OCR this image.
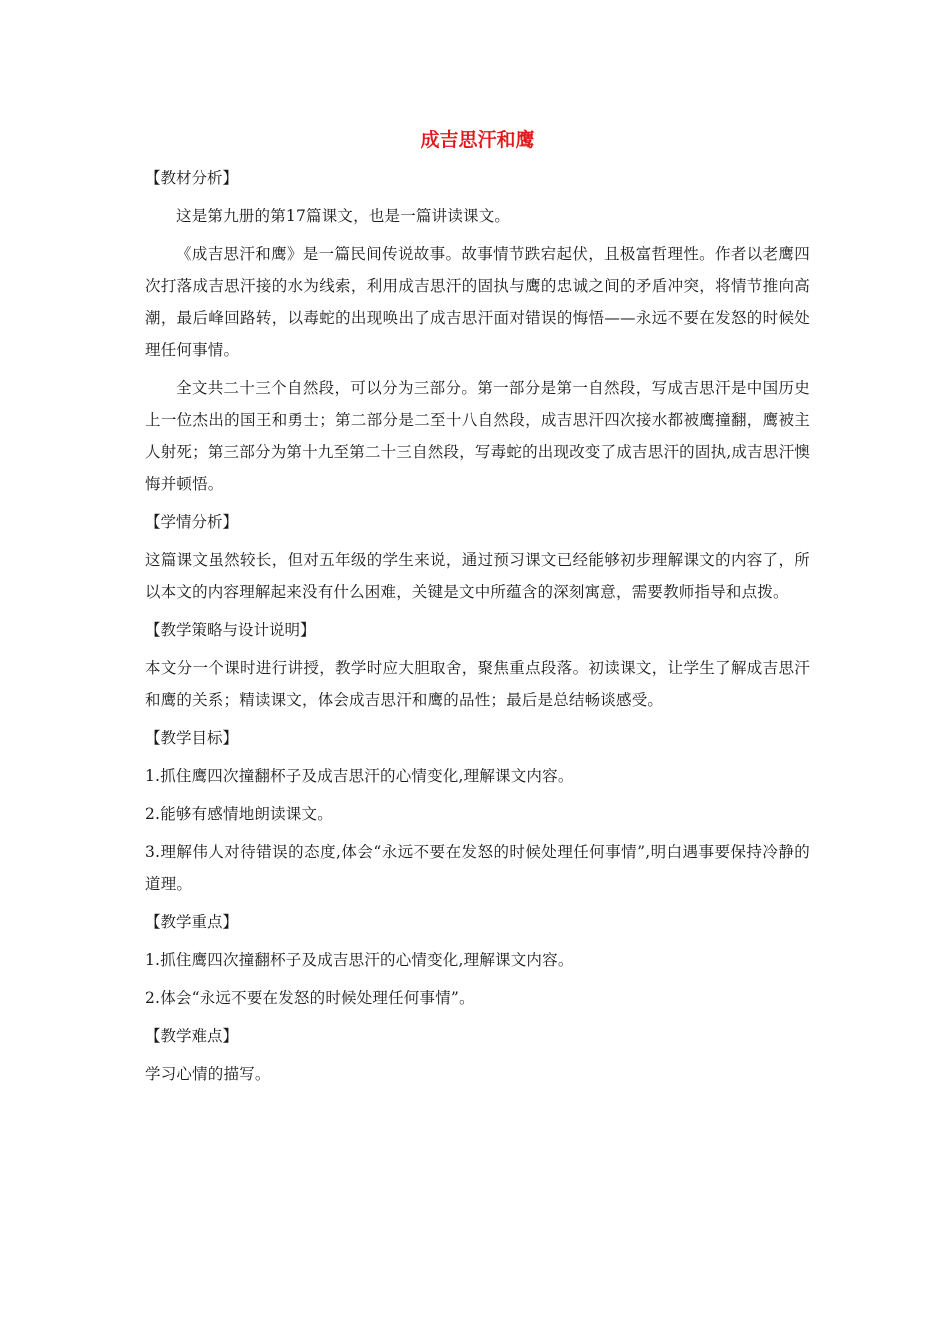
成吉思汗和鹰
【教材分析】

这是第九册的第17篇课文，也是一篇讲读课文。

《成吉思汗和鹰》是一篇民间传说故事。故事情节跌宕起伏，且极富哲理性。作者以老鹰四次打落成吉思汗接的水为线索，利用成吉思汗的固执与鹰的忠诚之间的矛盾冲突，将情节推向高潮，最后峰回路转，以毒蛇的出现唤出了成吉思汗面对错误的悔悟——永远不要在发怒的时候处理任何事情。

全文共二十三个自然段，可以分为三部分。第一部分是第一自然段，写成吉思汗是中国历史上一位杰出的国王和勇士；第二部分是二至十八自然段，成吉思汗四次接水都被鹰撞翻，鹰被主人射死；第三部分为第十九至第二十三自然段，写毒蛇的出现改变了成吉思汗的固执,成吉思汗懊悔并顿悟。

【学情分析】

这篇课文虽然较长，但对五年级的学生来说，通过预习课文已经能够初步理解课文的内容了，所以本文的内容理解起来没有什么困难，关键是文中所蕴含的深刻寓意，需要教师指导和点拨。

【教学策略与设计说明】

本文分一个课时进行讲授，教学时应大胆取舍，聚焦重点段落。初读课文，让学生了解成吉思汗和鹰的关系；精读课文，体会成吉思汗和鹰的品性；最后是总结畅谈感受。

【教学目标】

1.抓住鹰四次撞翻杯子及成吉思汗的心情变化,理解课文内容。

2.能够有感情地朗读课文。

3.理解伟人对待错误的态度,体会“永远不要在发怒的时候处理任何事情”,明白遇事要保持冷静的道理。

【教学重点】

1.抓住鹰四次撞翻杯子及成吉思汗的心情变化,理解课文内容。

2.体会“永远不要在发怒的时候处理任何事情”。

【教学难点】

学习心情的描写。
